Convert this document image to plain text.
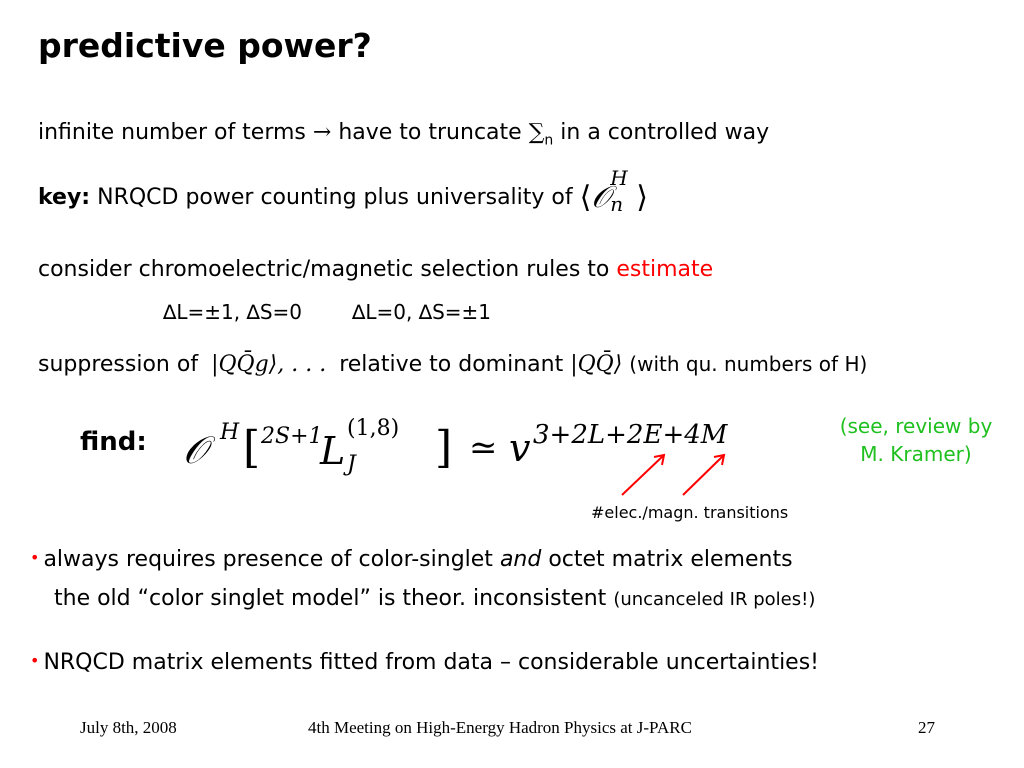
predictive power?
infinite number of terms → have to truncate $\sum_n$ in a controlled way
key: NRQCD power counting plus universality of ⟨𝒪
H
n ⟩
consider chromoelectric/magnetic selection rules to estimate
∆L=±1, ∆S=0 ∆L=0, ∆S=±1
suppression of |QQ̄g⟩, . . . relative to dominant |QQ̄⟩ (with qu. numbers of H)
find: 𝒪 H [ 2S+1
L
(1,8)
J ] ≃ v 3+2L+2E+4M	(see, review by
M. Kramer)
#elec./magn. transitions
• always requires presence of color-singlet and octet matrix elements
the old “color singlet model” is theor. inconsistent (uncanceled IR poles!)
• NRQCD matrix elements fitted from data – considerable uncertainties!
July 8th, 2008	4th Meeting on High-Energy Hadron Physics at J-PARC	27
